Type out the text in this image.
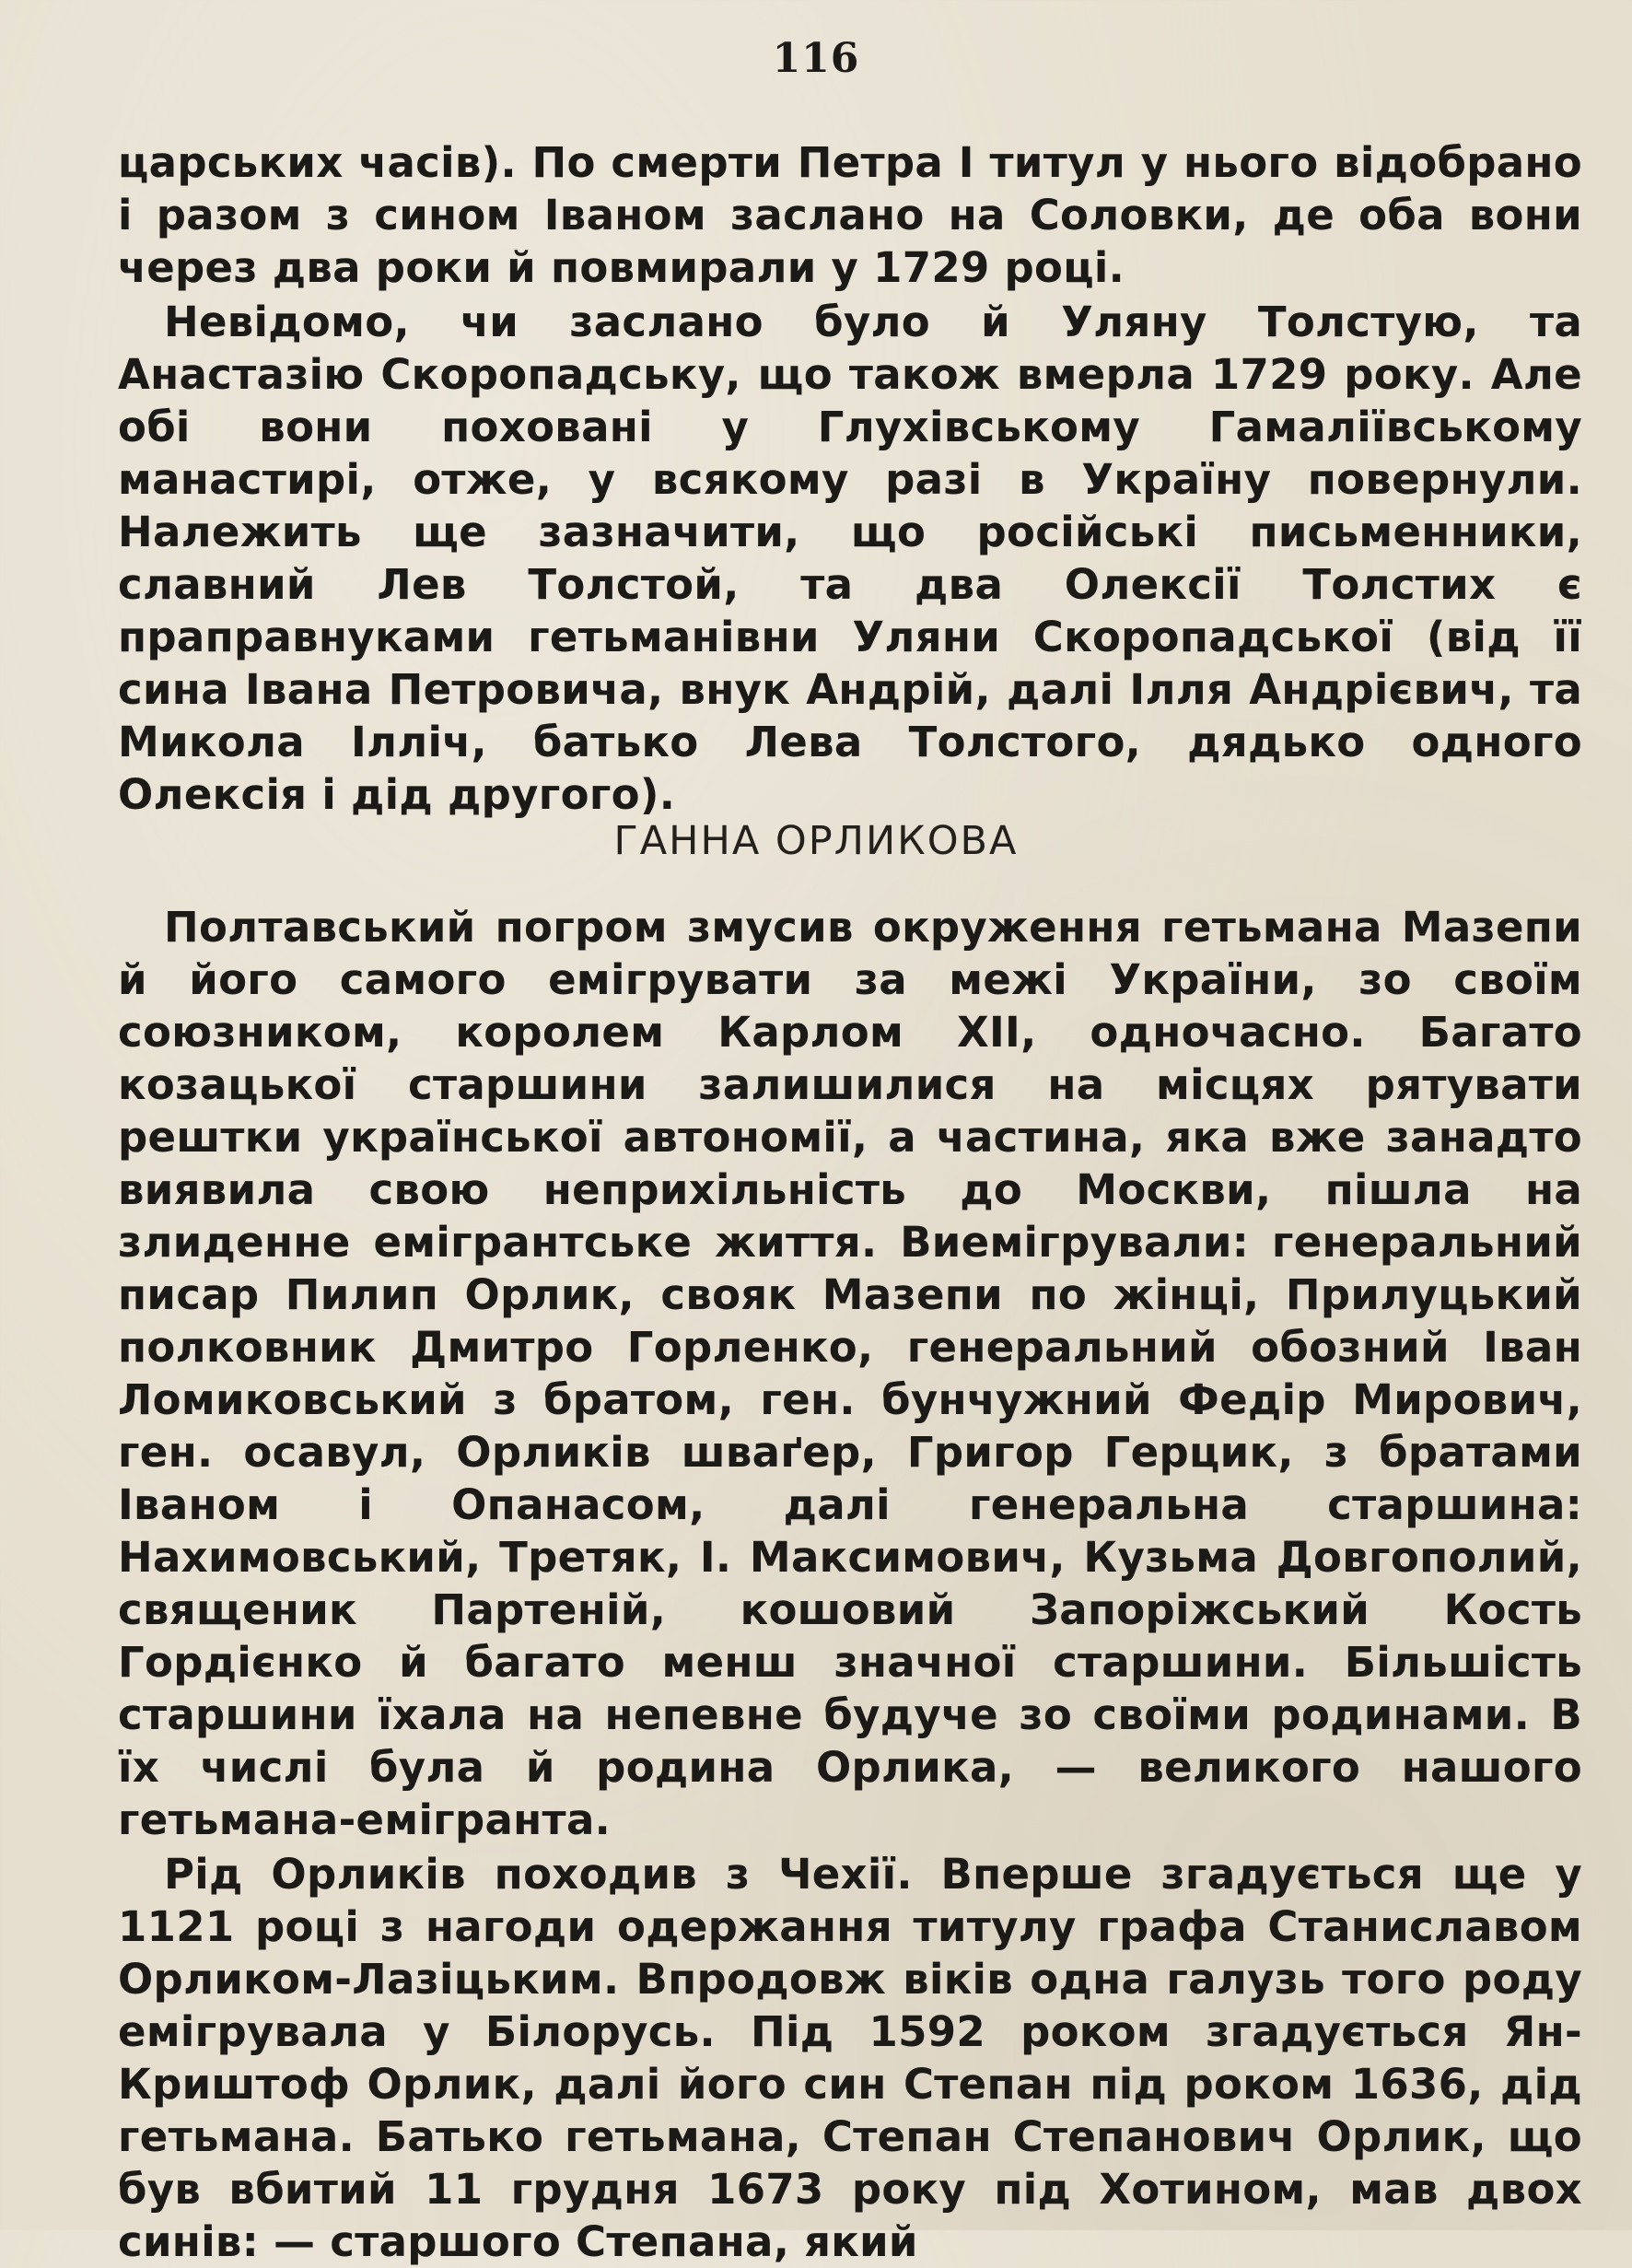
116

царських часів). По смерти Петра І титул у нього відобрано і разом з сином Іваном заслано на Соловки, де оба вони через два роки й повмирали у 1729 році.

Невідомо, чи заслано було й Уляну Толстую, та Анастазію Скоропадську, що також вмерла 1729 року. Але обі вони поховані у Глухівському Гамаліївському манастирі, отже, у всякому разі в Україну повернули. Належить ще зазначити, що російські письменники, славний Лев Толстой, та два Олексії Толстих є праправнуками гетьманівни Уляни Скоропадської (від її сина Івана Петровича, внук Андрій, далі Ілля Андрієвич, та Микола Ілліч, батько Лева Толстого, дядько одного Олексія і дід другого).

ГАННА ОРЛИКОВА

Полтавський погром змусив окруження гетьмана Мазепи й його самого емігрувати за межі України, зо своїм союзником, королем Карлом XII, одночасно. Багато козацької старшини залишилися на місцях рятувати рештки української автономії, а частина, яка вже занадто виявила свою неприхільність до Москви, пішла на злиденне емігрантське життя. Виемігрували: генеральний писар Пилип Орлик, свояк Мазепи по жінці, Прилуцький полковник Дмитро Горленко, генеральний обозний Іван Ломиковський з братом, ген. бунчужний Федір Мирович, ген. осавул, Орликів шваґер, Григор Герцик, з братами Іваном і Опанасом, далі генеральна старшина: Нахимовський, Третяк, І. Максимович, Кузьма Довгополий, священик Партеній, кошовий Запоріжський Кость Гордієнко й багато менш значної старшини. Більшість старшини їхала на непевне будуче зо своїми родинами. В їх числі була й родина Орлика, — великого нашого гетьмана-емігранта.

Рід Орликів походив з Чехії. Вперше згадується ще у 1121 році з нагоди одержання титулу графа Станиславом Орликом-Лазіцьким. Впродовж віків одна галузь того роду емігрувала у Білорусь. Під 1592 роком згадується Ян-Криштоф Орлик, далі його син Степан під роком 1636, дід гетьмана. Батько гетьмана, Степан Степанович Орлик, що був вбитий 11 грудня 1673 року під Хотином, мав двох синів: — старшого Степана, який
